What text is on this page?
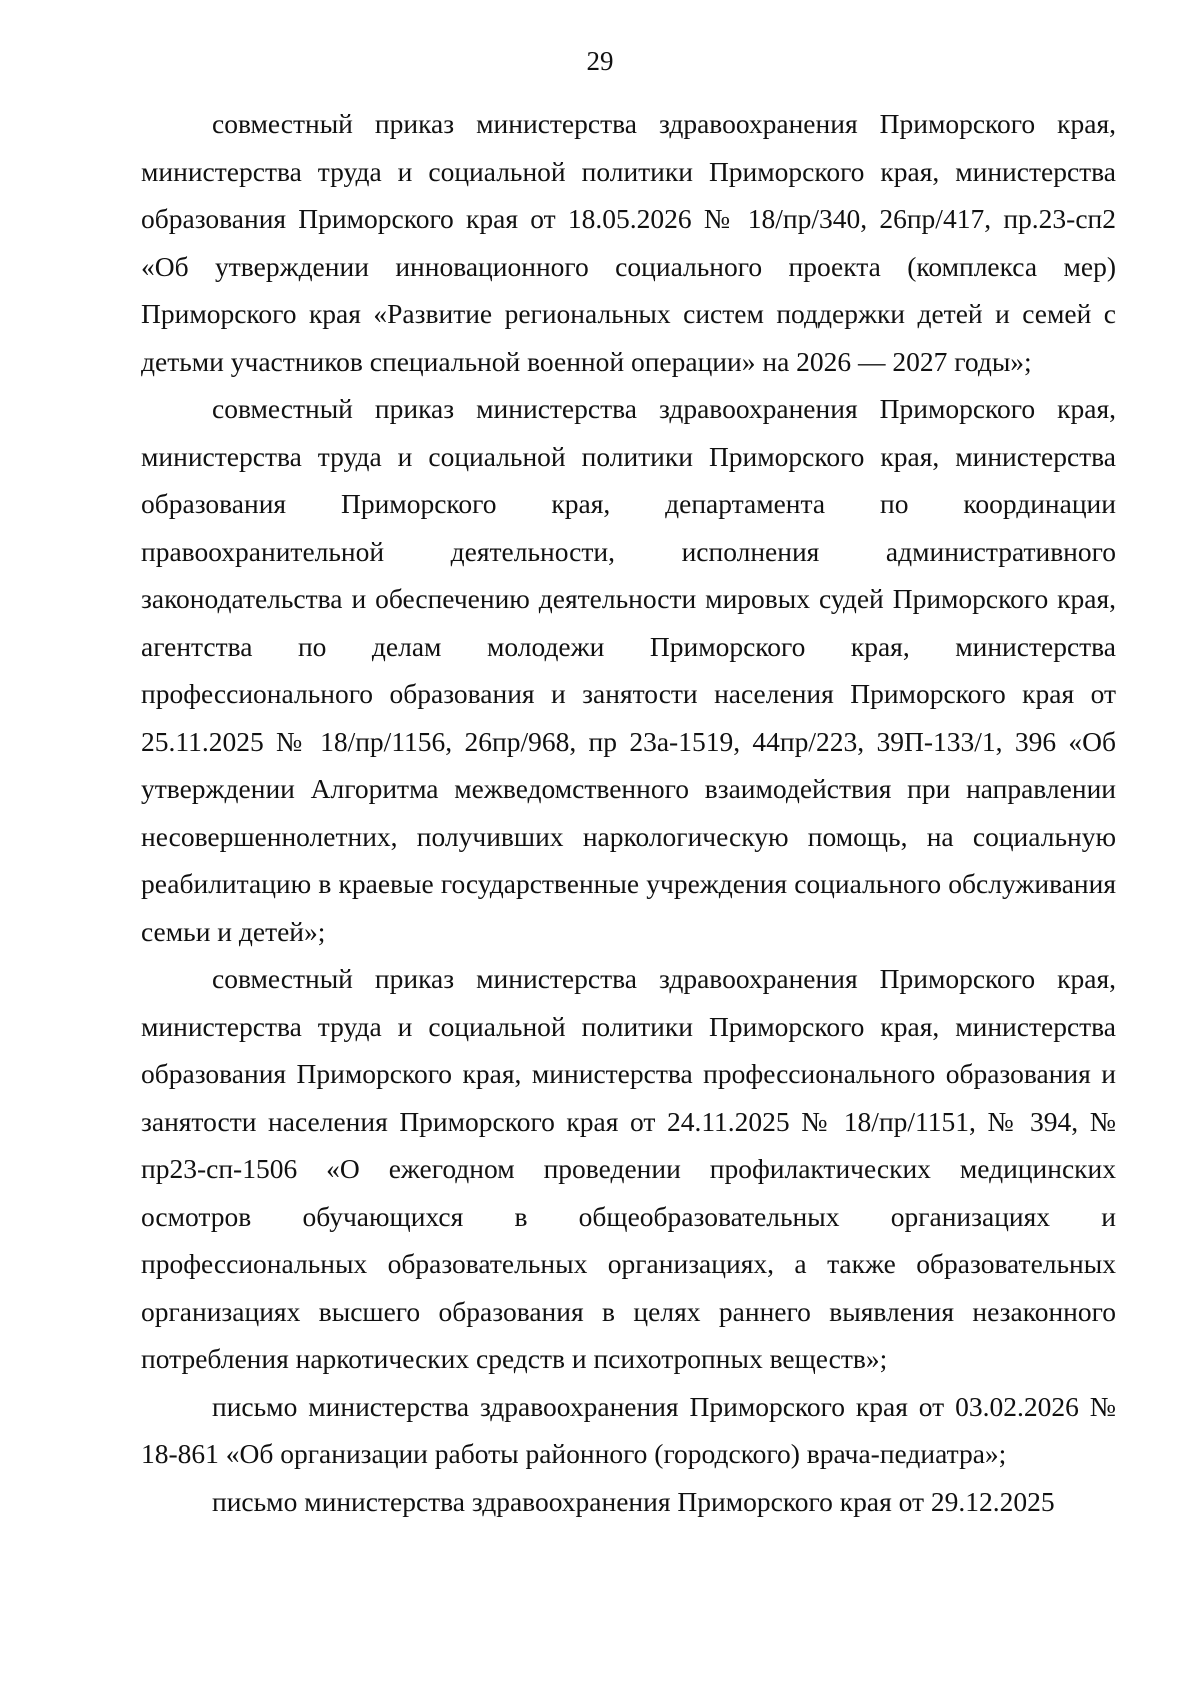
29

совместный приказ министерства здравоохранения Приморского края, министерства труда и социальной политики Приморского края, министерства образования Приморского края от 18.05.2026 № 18/пр/340, 26пр/417, пр.23-сп2 «Об утверждении инновационного социального проекта (комплекса мер) Приморского края «Развитие региональных систем поддержки детей и семей с детьми участников специальной военной операции» на 2026 — 2027 годы»;

совместный приказ министерства здравоохранения Приморского края, министерства труда и социальной политики Приморского края, министерства образования Приморского края, департамента по координации правоохранительной деятельности, исполнения административного законодательства и обеспечению деятельности мировых судей Приморского края, агентства по делам молодежи Приморского края, министерства профессионального образования и занятости населения Приморского края от 25.11.2025 № 18/пр/1156, 26пр/968, пр 23а-1519, 44пр/223, 39П-133/1, 396 «Об утверждении Алгоритма межведомственного взаимодействия при направлении несовершеннолетних, получивших наркологическую помощь, на социальную реабилитацию в краевые государственные учреждения социального обслуживания семьи и детей»;

совместный приказ министерства здравоохранения Приморского края, министерства труда и социальной политики Приморского края, министерства образования Приморского края, министерства профессионального образования и занятости населения Приморского края от 24.11.2025 № 18/пр/1151, № 394, № пр23-сп-1506 «О ежегодном проведении профилактических медицинских осмотров обучающихся в общеобразовательных организациях и профессиональных образовательных организациях, а также образовательных организациях высшего образования в целях раннего выявления незаконного потребления наркотических средств и психотропных веществ»;

письмо министерства здравоохранения Приморского края от 03.02.2026 № 18-861 «Об организации работы районного (городского) врача-педиатра»;

письмо министерства здравоохранения Приморского края от 29.12.2025
